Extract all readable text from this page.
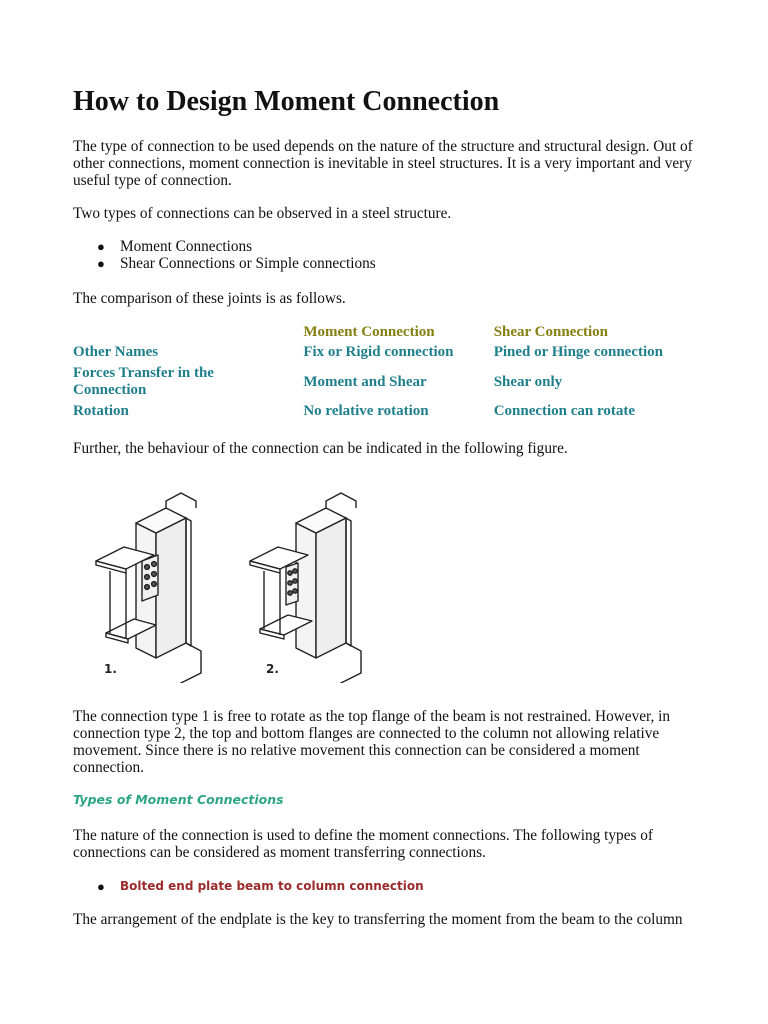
How to Design Moment Connection

The type of connection to be used depends on the nature of the structure and structural design. Out of other connections, moment connection is inevitable in steel structures. It is a very important and very useful type of connection.

Two types of connections can be observed in a steel structure.

● Moment Connections
● Shear Connections or Simple connections

The comparison of these joints is as follows.

	Moment Connection	Shear Connection
Other Names	Fix or Rigid connection	Pined or Hinge connection
Forces Transfer in the Connection	Moment and Shear	Shear only
Rotation	No relative rotation	Connection can rotate

Further, the behaviour of the connection can be indicated in the following figure.

The connection type 1 is free to rotate as the top flange of the beam is not restrained. However, in connection type 2, the top and bottom flanges are connected to the column not allowing relative movement. Since there is no relative movement this connection can be considered a moment connection.

Types of Moment Connections

The nature of the connection is used to define the moment connections. The following types of connections can be considered as moment transferring connections.

● Bolted end plate beam to column connection

The arrangement of the endplate is the key to transferring the moment from the beam to the column

1.	2.
